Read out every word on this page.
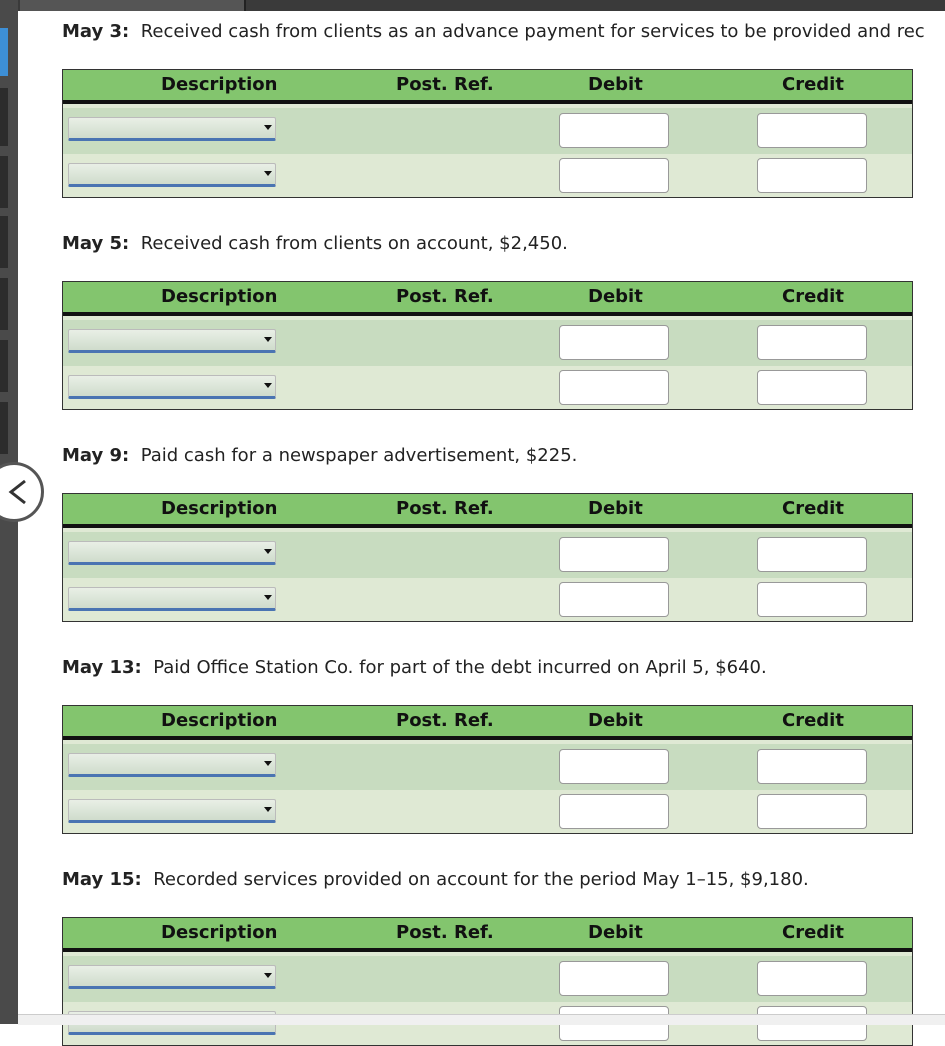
May 3: Received cash from clients as an advance payment for services to be provided and rec
Description	Post. Ref.	Debit	Credit
May 5: Received cash from clients on account, $2,450.
Description	Post. Ref.	Debit	Credit
May 9: Paid cash for a newspaper advertisement, $225.
Description	Post. Ref.	Debit	Credit
May 13: Paid Office Station Co. for part of the debt incurred on April 5, $640.
Description	Post. Ref.	Debit	Credit
May 15: Recorded services provided on account for the period May 1–15, $9,180.
Description	Post. Ref.	Debit	Credit
